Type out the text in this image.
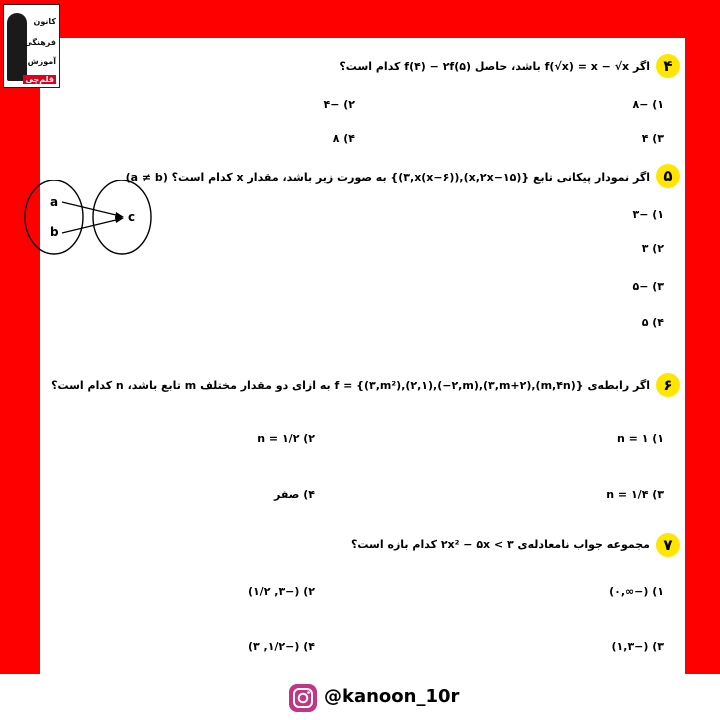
کانون
فرهنگی
آموزش
قلم‌چی
۴
اگر f(√x) = x − √x باشد، حاصل f(۴) − ۲f(۵) کدام است؟
۱) −۸
۲) −۴
۳) ۴
۴) ۸
۵
اگر نمودار پیکانی تابع {(x,۲x−۱۵),(۳,x(x−۶))} به صورت زیر باشد، مقدار x کدام است؟ (a ≠ b)
a
b
c	۱) −۳
۲) ۳
۳) −۵
۴) ۵
۶
اگر رابطه‌ی f = {(۳,m²),(۲,۱),(−۲,m),(۳,m+۲),(m,۴n)} به ازای دو مقدار مختلف m تابع باشد، n کدام است؟
۱) n = ۱
۲) n = ۱/۲
۳) n = ۱/۴
۴) صفر
۷
مجموعه جواب نامعادله‌ی ۲x² − ۵x < ۳ کدام بازه است؟
۱) (−∞,۰)
۲) (−۳, ۱/۲)
۳) (−۱,۳)
۴) (−۱/۲, ۳)
@kanoon_10r
